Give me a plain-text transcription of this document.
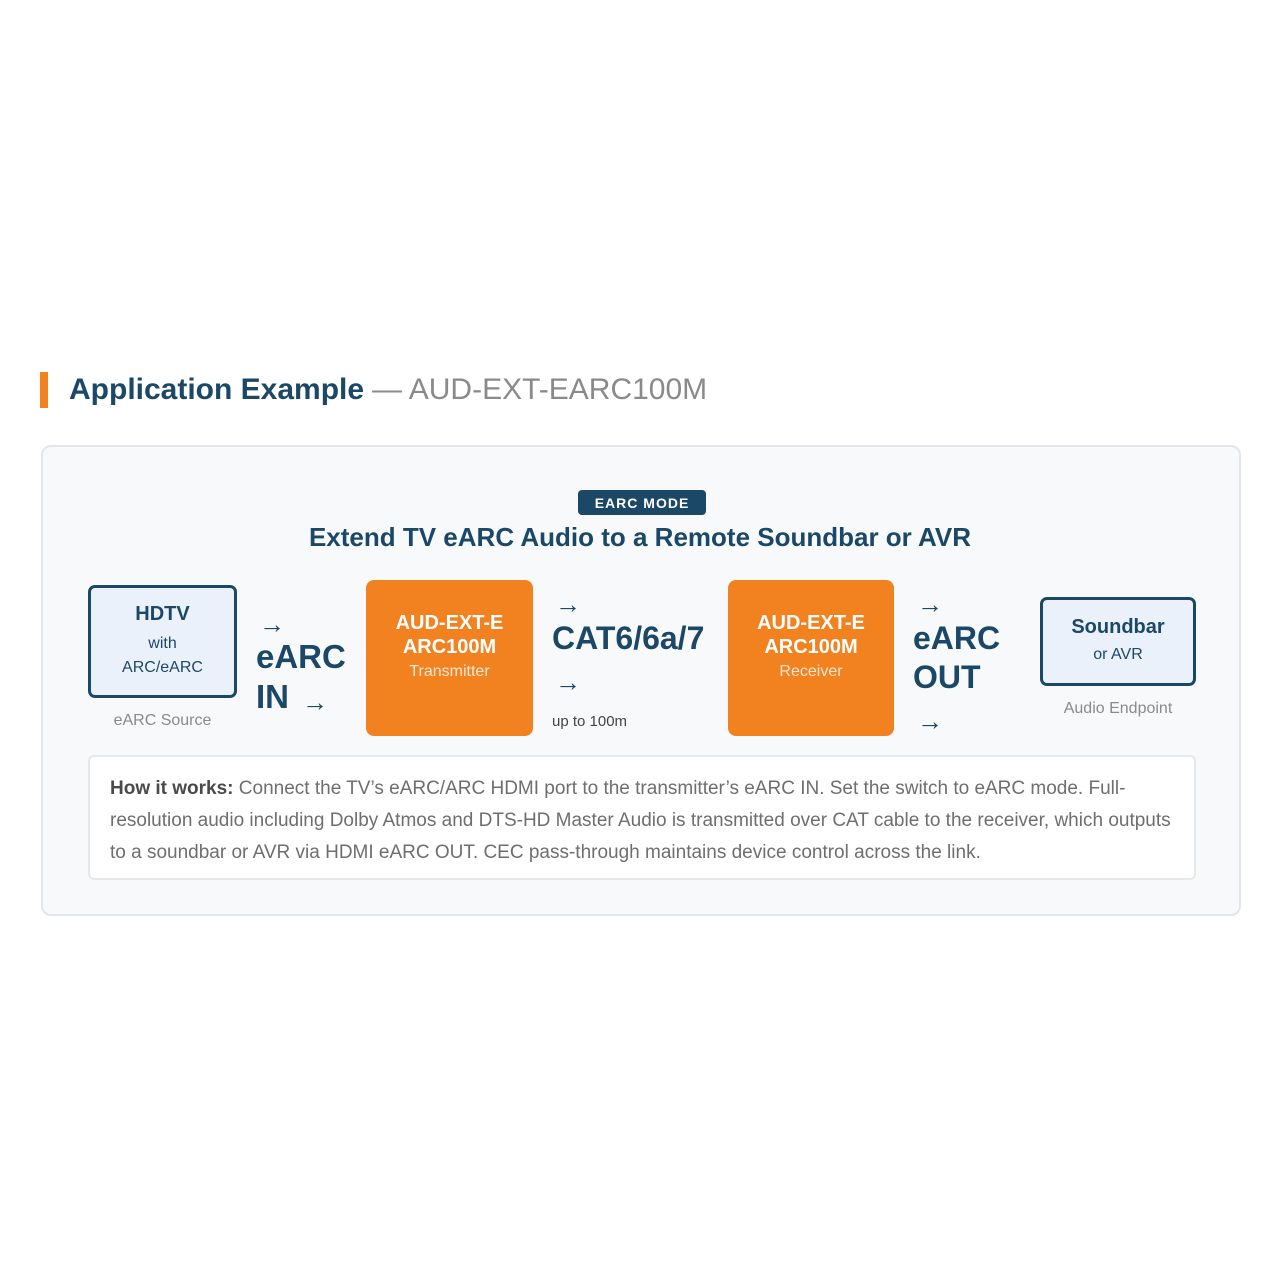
Application Example — AUD-EXT-EARC100M
EARC MODE
Extend TV eARC Audio to a Remote Soundbar or AVR
HDTV
with
ARC/eARC
eARC Source
→
eARC
IN →
AUD-EXT-EARC100M
Transmitter
→
CAT6/6a/7
→
up to 100m
AUD-EXT-EARC100M
Receiver
→
eARC
OUT
→
Soundbar
or AVR
Audio Endpoint
How it works: Connect the TV’s eARC/ARC HDMI port to the transmitter’s eARC IN. Set the switch to eARC mode. Full-resolution audio including Dolby Atmos and DTS-HD Master Audio is transmitted over CAT cable to the receiver, which outputs to a soundbar or AVR via HDMI eARC OUT. CEC pass-through maintains device control across the link.
